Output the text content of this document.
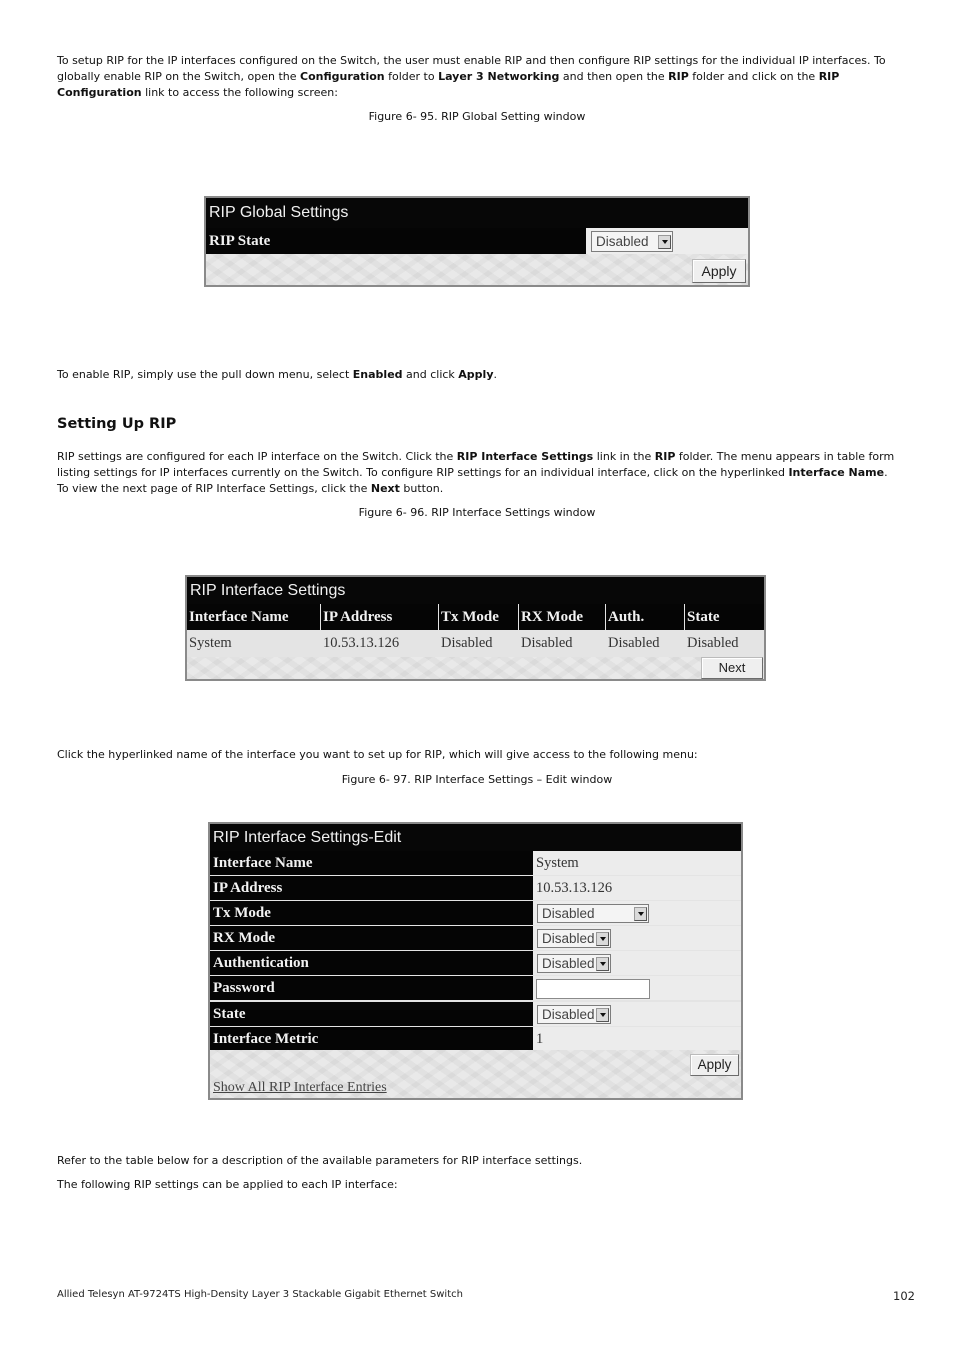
To setup RIP for the IP interfaces configured on the Switch, the user must enable RIP and then configure RIP settings for the individual IP interfaces. To globally enable RIP on the Switch, open the Configuration folder to Layer 3 Networking and then open the RIP folder and click on the RIP Configuration link to access the following screen:
Figure 6- 95. RIP Global Setting window
RIP Global Settings
RIP State	Disabled
Apply
To enable RIP, simply use the pull down menu, select Enabled and click Apply.
Setting Up RIP
RIP settings are configured for each IP interface on the Switch. Click the RIP Interface Settings link in the RIP folder. The menu appears in table form listing settings for IP interfaces currently on the Switch. To configure RIP settings for an individual interface, click on the hyperlinked Interface Name. To view the next page of RIP Interface Settings, click the Next button.
Figure 6- 96. RIP Interface Settings window
RIP Interface Settings
Interface Name	IP Address	Tx Mode	RX Mode	Auth.	State
System	10.53.13.126	Disabled	Disabled	Disabled	Disabled
Next
Click the hyperlinked name of the interface you want to set up for RIP, which will give access to the following menu:
Figure 6- 97. RIP Interface Settings – Edit window
RIP Interface Settings-Edit
Interface Name	System
IP Address	10.53.13.126
Tx Mode	Disabled
RX Mode	Disabled
Authentication	Disabled
Password
State	Disabled
Interface Metric	1
Show All RIP Interface Entries
Apply
Refer to the table below for a description of the available parameters for RIP interface settings.
The following RIP settings can be applied to each IP interface:
Allied Telesyn AT-9724TS High-Density Layer 3 Stackable Gigabit Ethernet Switch	102
